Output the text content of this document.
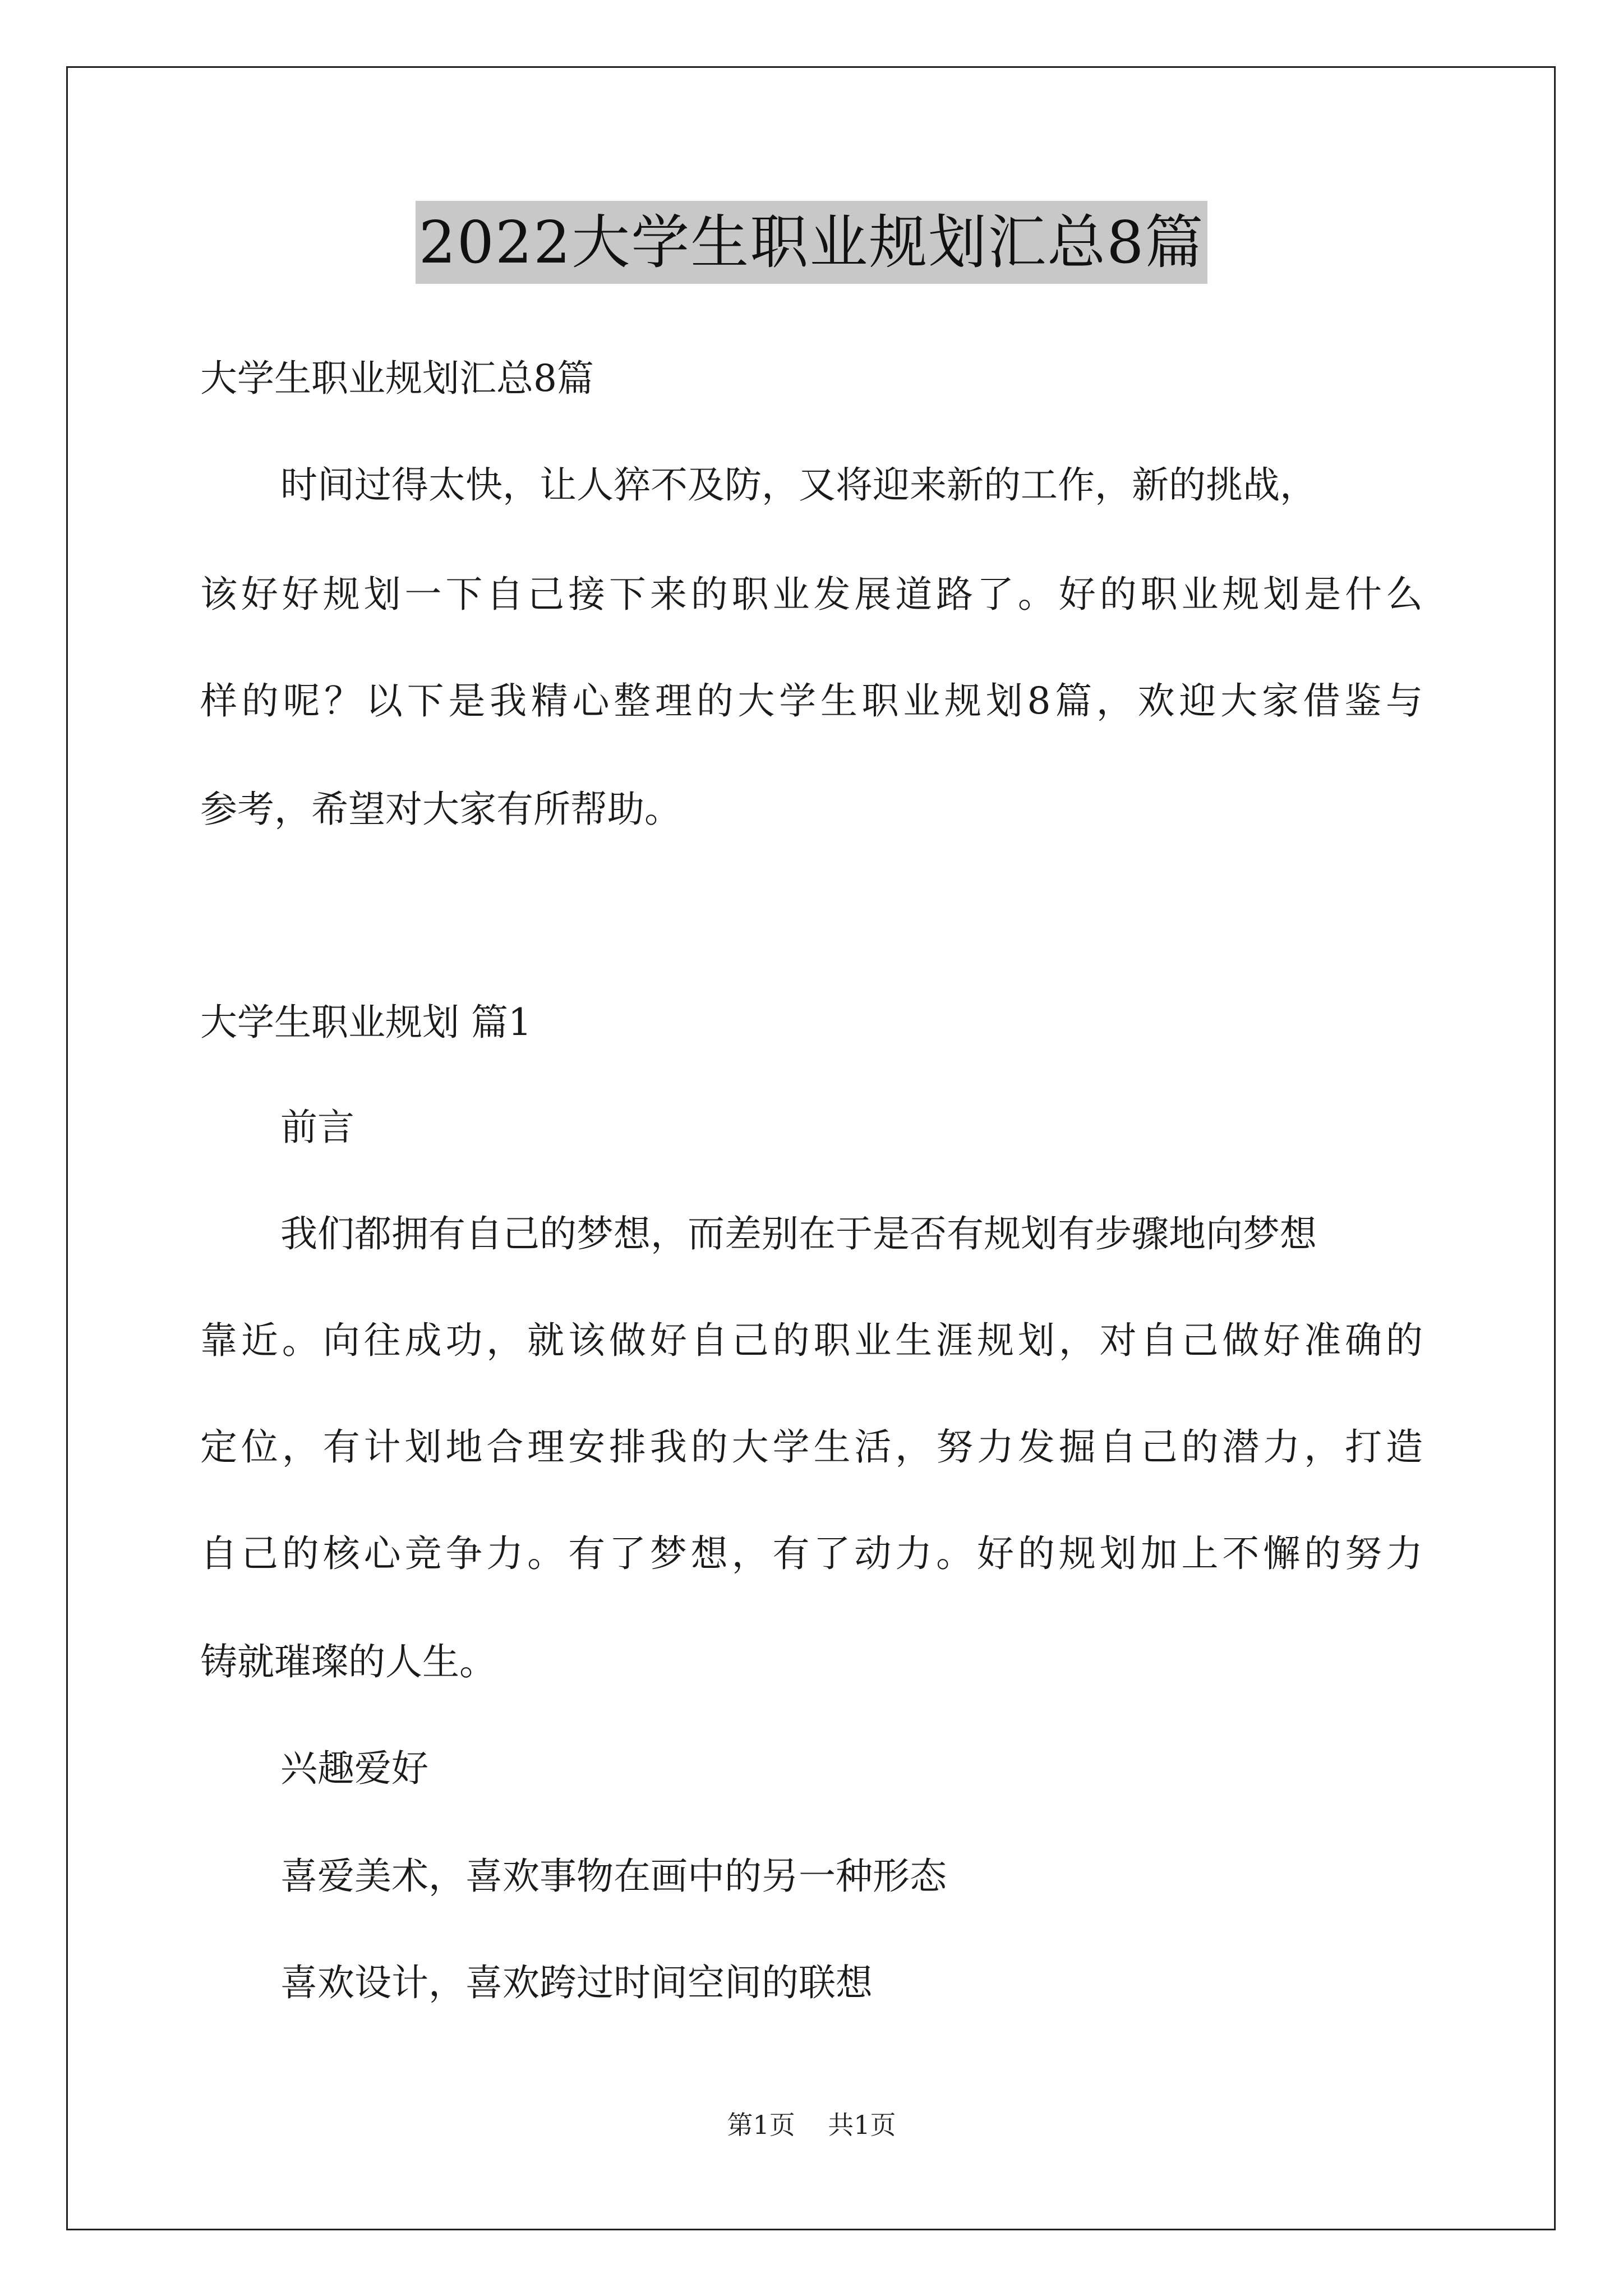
2022大学生职业规划汇总8篇
大学生职业规划汇总8篇
时间过得太快，让人猝不及防，又将迎来新的工作，新的挑战，
该好好规划一下自己接下来的职业发展道路了。好的职业规划是什么
样的呢？以下是我精心整理的大学生职业规划8篇，欢迎大家借鉴与
参考，希望对大家有所帮助。
大学生职业规划 篇1
前言
我们都拥有自己的梦想，而差别在于是否有规划有步骤地向梦想
靠近。向往成功，就该做好自己的职业生涯规划，对自己做好准确的
定位，有计划地合理安排我的大学生活，努力发掘自己的潜力，打造
自己的核心竞争力。有了梦想，有了动力。好的规划加上不懈的努力
铸就璀璨的人生。
兴趣爱好
喜爱美术，喜欢事物在画中的另一种形态
喜欢设计，喜欢跨过时间空间的联想
第1页    共1页
